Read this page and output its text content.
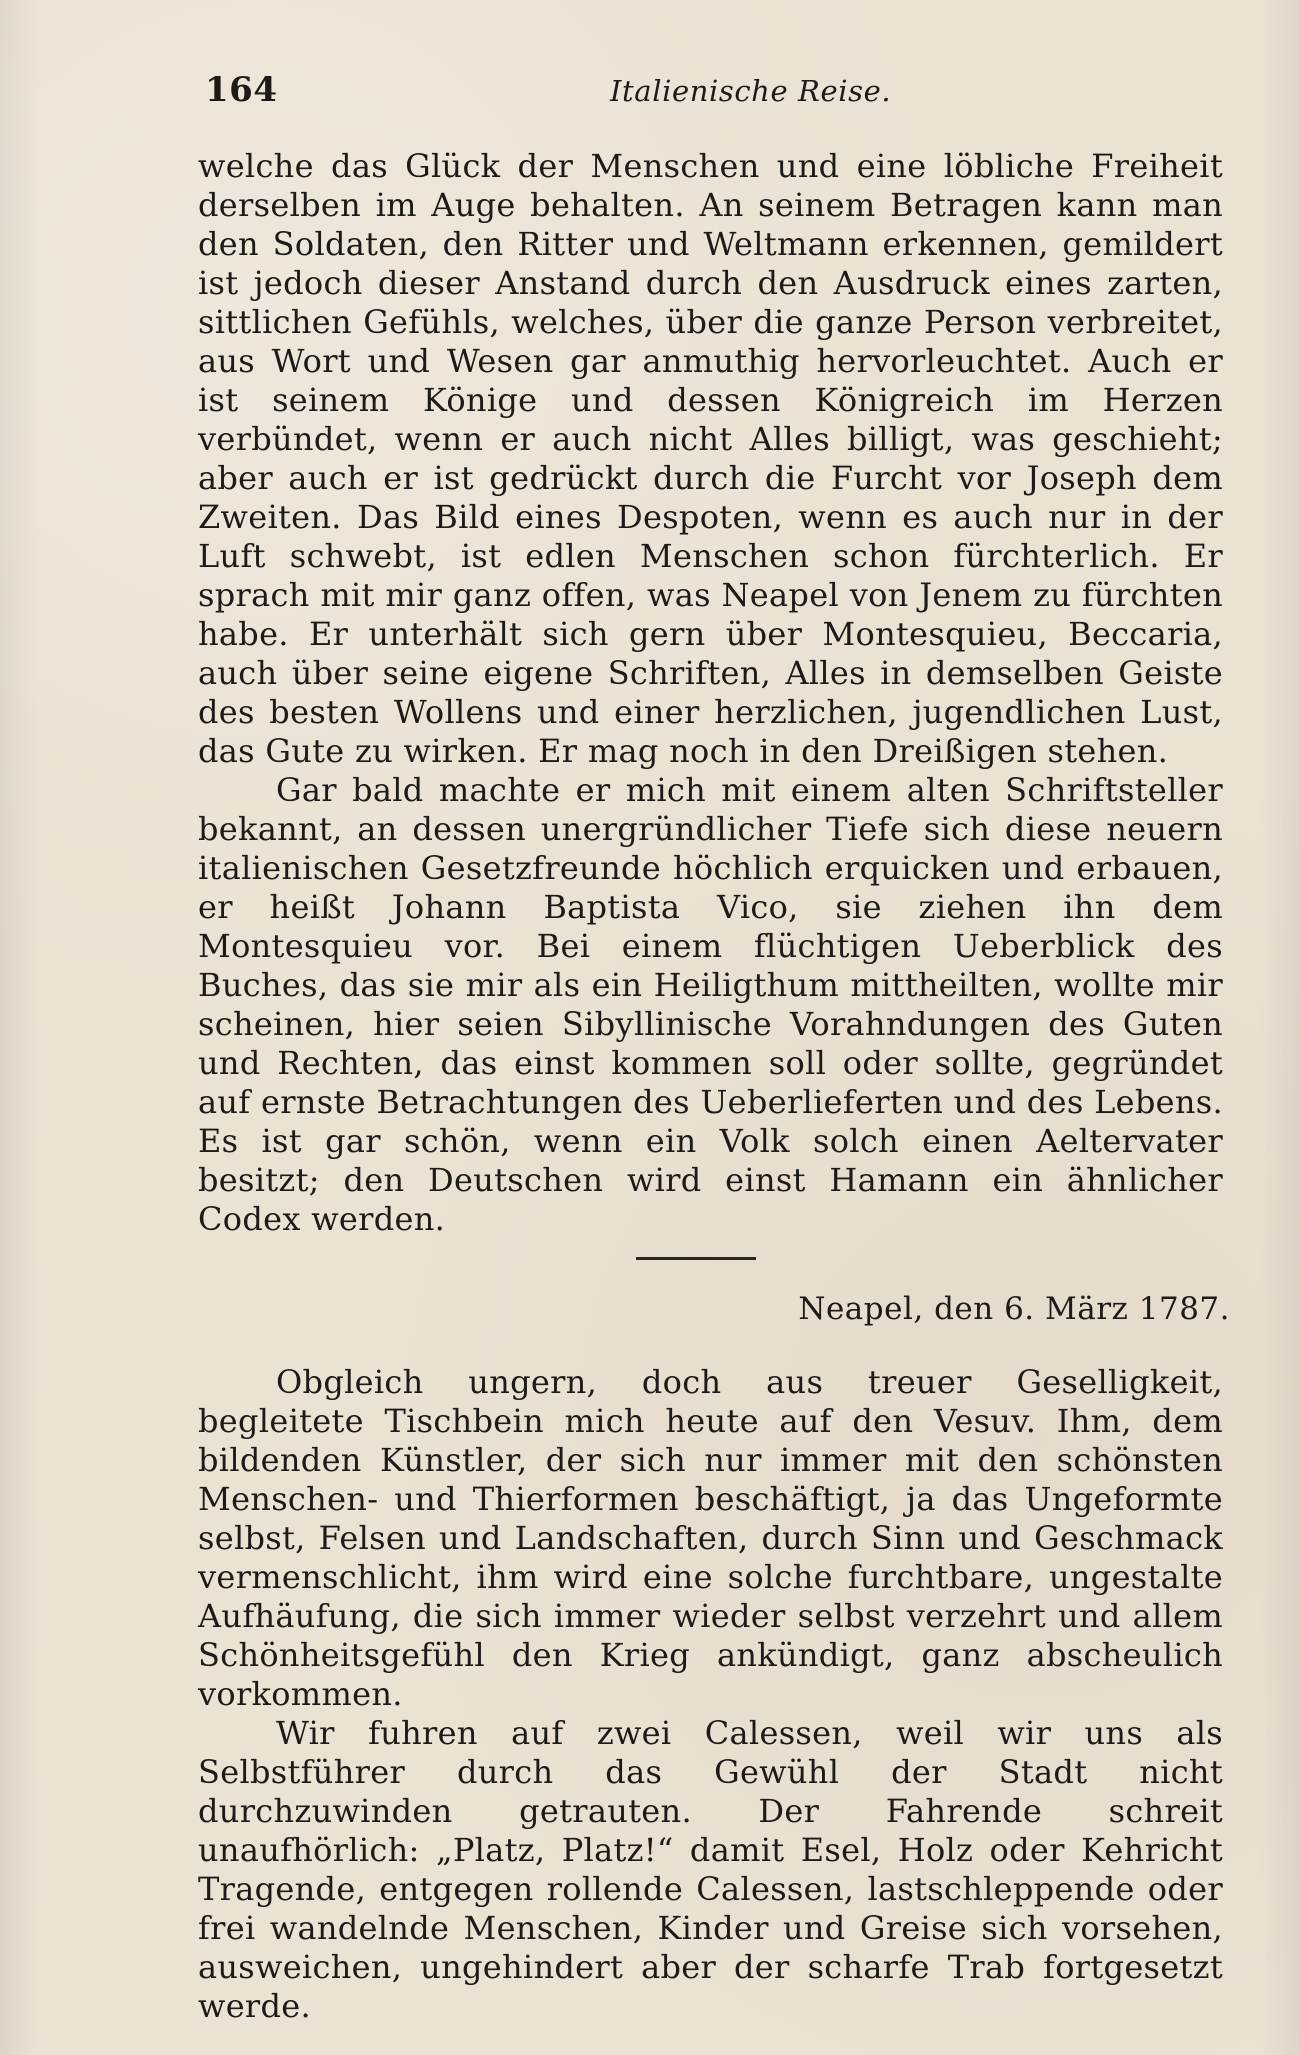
164	Italienische Reise.

welche das Glück der Menschen und eine löbliche Freiheit derselben im Auge behalten. An seinem Betragen kann man den Soldaten, den Ritter und Weltmann erkennen, gemildert ist jedoch dieser Anstand durch den Ausdruck eines zarten, sittlichen Gefühls, welches, über die ganze Person verbreitet, aus Wort und Wesen gar anmuthig hervorleuchtet. Auch er ist seinem Könige und dessen Königreich im Herzen verbündet, wenn er auch nicht Alles billigt, was geschieht; aber auch er ist gedrückt durch die Furcht vor Joseph dem Zweiten. Das Bild eines Despoten, wenn es auch nur in der Luft schwebt, ist edlen Menschen schon fürchterlich. Er sprach mit mir ganz offen, was Neapel von Jenem zu fürchten habe. Er unterhält sich gern über Montesquieu, Beccaria, auch über seine eigene Schriften, Alles in demselben Geiste des besten Wollens und einer herzlichen, jugendlichen Lust, das Gute zu wirken. Er mag noch in den Dreißigen stehen.

Gar bald machte er mich mit einem alten Schriftsteller bekannt, an dessen unergründlicher Tiefe sich diese neuern italienischen Gesetzfreunde höchlich erquicken und erbauen, er heißt Johann Baptista Vico, sie ziehen ihn dem Montesquieu vor. Bei einem flüchtigen Ueberblick des Buches, das sie mir als ein Heiligthum mittheilten, wollte mir scheinen, hier seien Sibyllinische Vorahndungen des Guten und Rechten, das einst kommen soll oder sollte, gegründet auf ernste Betrachtungen des Ueberlieferten und des Lebens. Es ist gar schön, wenn ein Volk solch einen Aeltervater besitzt; den Deutschen wird einst Hamann ein ähnlicher Codex werden.

Neapel, den 6. März 1787.

Obgleich ungern, doch aus treuer Geselligkeit, begleitete Tischbein mich heute auf den Vesuv. Ihm, dem bildenden Künstler, der sich nur immer mit den schönsten Menschen- und Thierformen beschäftigt, ja das Ungeformte selbst, Felsen und Landschaften, durch Sinn und Geschmack vermenschlicht, ihm wird eine solche furchtbare, ungestalte Aufhäufung, die sich immer wieder selbst verzehrt und allem Schönheitsgefühl den Krieg ankündigt, ganz abscheulich vorkommen.

Wir fuhren auf zwei Calessen, weil wir uns als Selbstführer durch das Gewühl der Stadt nicht durchzuwinden getrauten. Der Fahrende schreit unaufhörlich: „Platz, Platz!“ damit Esel, Holz oder Kehricht Tragende, entgegen rollende Calessen, lastschleppende oder frei wandelnde Menschen, Kinder und Greise sich vorsehen, ausweichen, ungehindert aber der scharfe Trab fortgesetzt werde.
